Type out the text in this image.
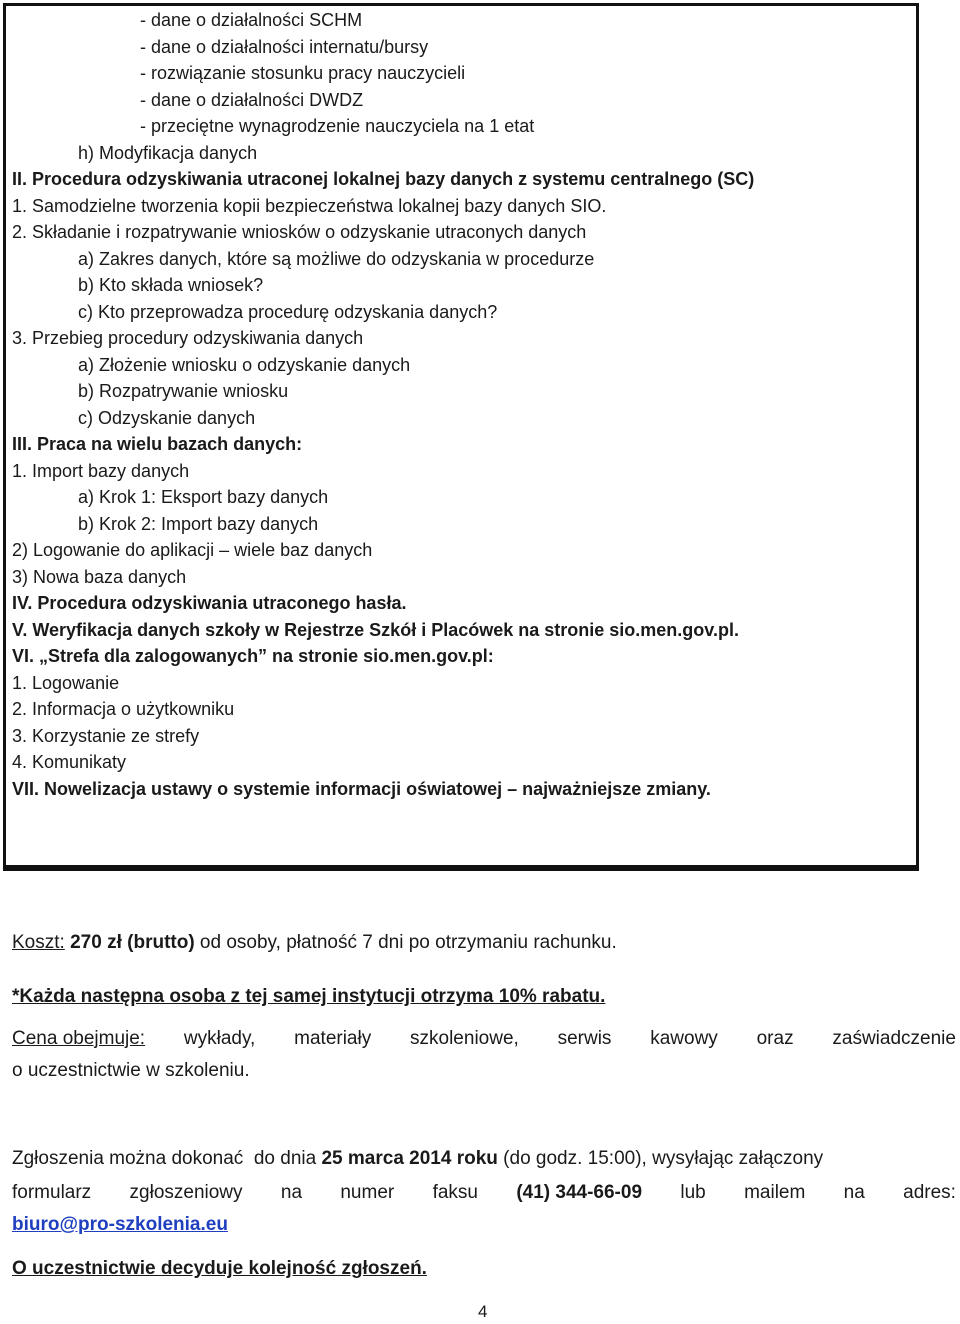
- dane o działalności SCHM
- dane o działalności internatu/bursy
- rozwiązanie stosunku pracy nauczycieli
- dane o działalności DWDZ
- przeciętne wynagrodzenie nauczyciela na 1 etat
h) Modyfikacja danych
II. Procedura odzyskiwania utraconej lokalnej bazy danych z systemu centralnego (SC)
1. Samodzielne tworzenia kopii bezpieczeństwa lokalnej bazy danych SIO.
2. Składanie i rozpatrywanie wniosków o odzyskanie utraconych danych
a) Zakres danych, które są możliwe do odzyskania w procedurze
b) Kto składa wniosek?
c) Kto przeprowadza procedurę odzyskania danych?
3. Przebieg procedury odzyskiwania danych
a) Złożenie wniosku o odzyskanie danych
b) Rozpatrywanie wniosku
c) Odzyskanie danych
III. Praca na wielu bazach danych:
1. Import bazy danych
a) Krok 1: Eksport bazy danych
b) Krok 2: Import bazy danych
2) Logowanie do aplikacji – wiele baz danych
3) Nowa baza danych
IV. Procedura odzyskiwania utraconego hasła.
V. Weryfikacja danych szkoły w Rejestrze Szkół i Placówek na stronie sio.men.gov.pl.
VI. „Strefa dla zalogowanych” na stronie sio.men.gov.pl:
1. Logowanie
2. Informacja o użytkowniku
3. Korzystanie ze strefy
4. Komunikaty
VII. Nowelizacja ustawy o systemie informacji oświatowej – najważniejsze zmiany.
Koszt: 270 zł (brutto) od osoby, płatność 7 dni po otrzymaniu rachunku.
*Każda następna osoba z tej samej instytucji otrzyma 10% rabatu.
Cena obejmuje: wykłady, materiały szkoleniowe, serwis kawowy oraz zaświadczenie
o uczestnictwie w szkoleniu.
Zgłoszenia można dokonać  do dnia 25 marca 2014 roku (do godz. 15:00), wysyłając załączony
formularz zgłoszeniowy na numer faksu (41) 344-66-09 lub mailem na adres:
biuro@pro-szkolenia.eu
O uczestnictwie decyduje kolejność zgłoszeń.
4
